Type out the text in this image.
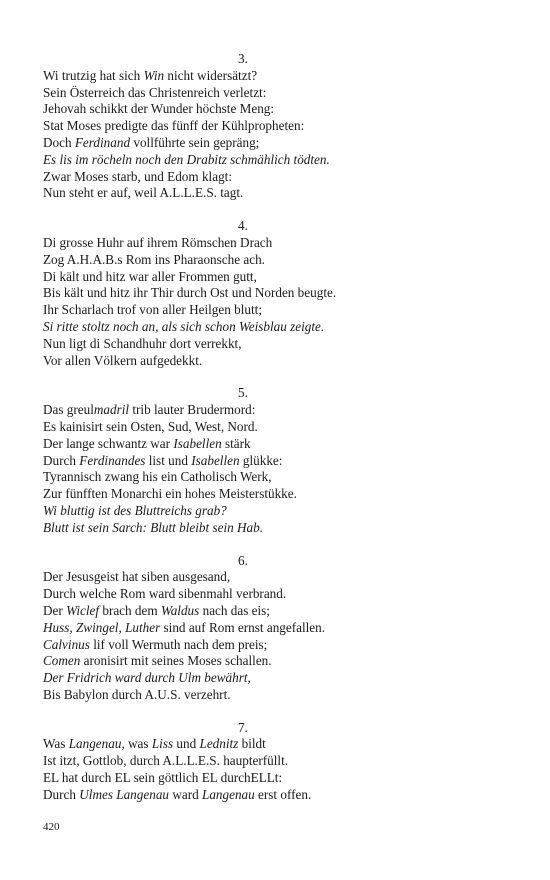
3.
Wi trutzig hat sich Win nicht widersätzt?
Sein Österreich das Christenreich verletzt:
Jehovah schikkt der Wunder höchste Meng:
Stat Moses predigte das fünff der Kühlpropheten:
Doch Ferdinand vollführte sein gepräng;
Es lis im röcheln noch den Drabitz schmählich tödten.
Zwar Moses starb, und Edom klagt:
Nun steht er auf, weil A.L.L.E.S. tagt.
4.
Di grosse Huhr auf ihrem Römschen Drach
Zog A.H.A.B.s Rom ins Pharaonsche ach.
Di kält und hitz war aller Frommen gutt,
Bis kält und hitz ihr Thir durch Ost und Norden beugte.
Ihr Scharlach trof von aller Heilgen blutt;
Si ritte stoltz noch an, als sich schon Weisblau zeigte.
Nun ligt di Schandhuhr dort verrekkt,
Vor allen Völkern aufgedekkt.
5.
Das greulmadril trib lauter Brudermord:
Es kainisirt sein Osten, Sud, West, Nord.
Der lange schwantz war Isabellen stärk
Durch Ferdinandes list und Isabellen glükke:
Tyrannisch zwang his ein Catholisch Werk,
Zur fünfften Monarchi ein hohes Meisterstükke.
Wi bluttig ist des Bluttreichs grab?
Blutt ist sein Sarch: Blutt bleibt sein Hab.
6.
Der Jesusgeist hat siben ausgesand,
Durch welche Rom ward sibenmahl verbrand.
Der Wiclef brach dem Waldus nach das eis;
Huss, Zwingel, Luther sind auf Rom ernst angefallen.
Calvinus lif voll Wermuth nach dem preis;
Comen aronisirt mit seines Moses schallen.
Der Fridrich ward durch Ulm bewährt,
Bis Babylon durch A.U.S. verzehrt.
7.
Was Langenau, was Liss und Lednitz bildt
Ist itzt, Gottlob, durch A.L.L.E.S. haupterfüllt.
EL hat durch EL sein göttlich EL durchELLt:
Durch Ulmes Langenau ward Langenau erst offen.
420
